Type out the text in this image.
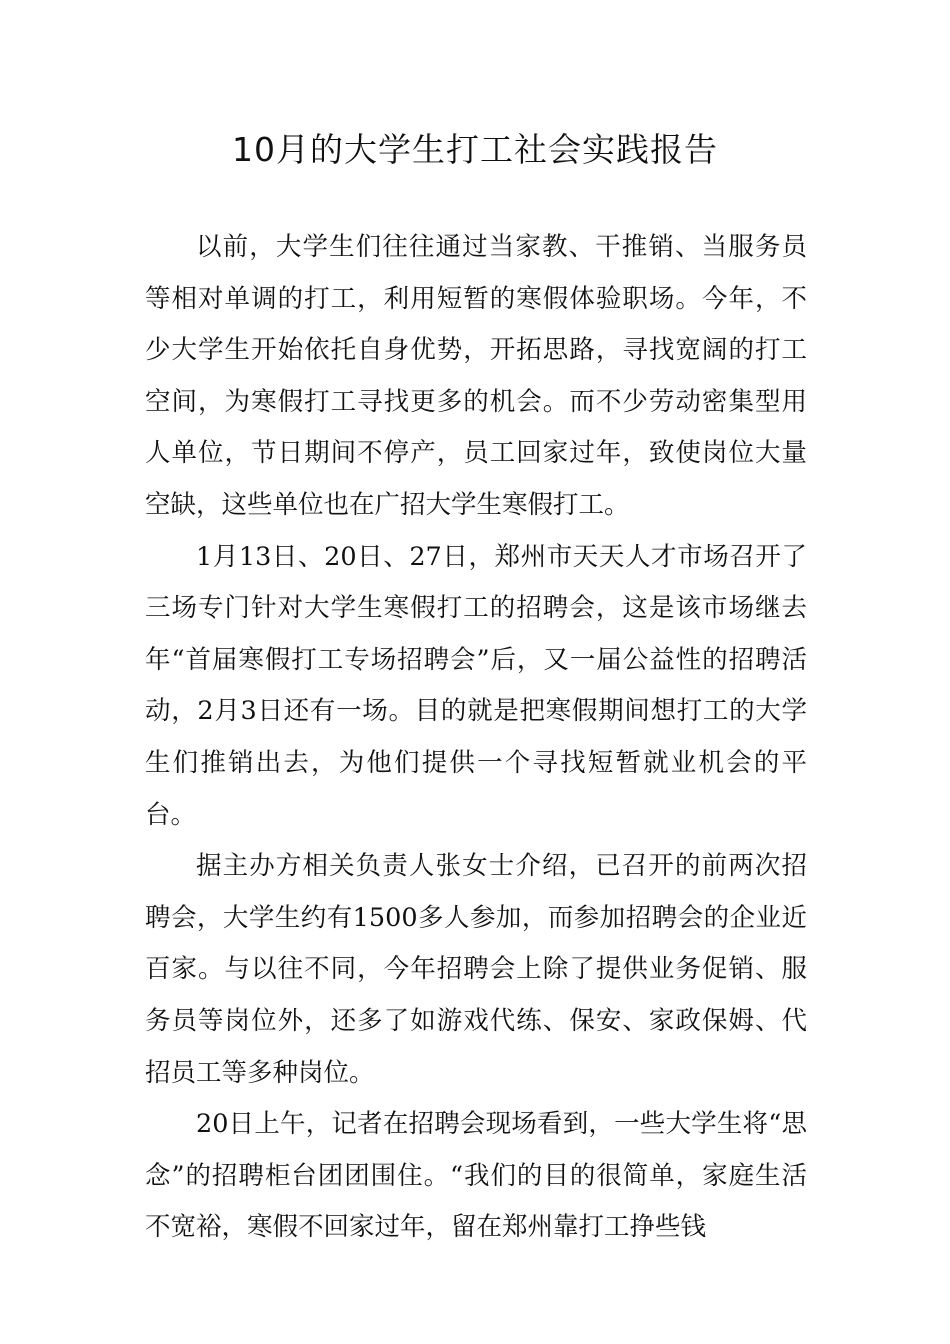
10月的大学生打工社会实践报告

以前，大学生们往往通过当家教、干推销、当服务员等相对单调的打工，利用短暂的寒假体验职场。今年，不少大学生开始依托自身优势，开拓思路，寻找宽阔的打工空间，为寒假打工寻找更多的机会。而不少劳动密集型用人单位，节日期间不停产，员工回家过年，致使岗位大量空缺，这些单位也在广招大学生寒假打工。

1月13日、20日、27日，郑州市天天人才市场召开了三场专门针对大学生寒假打工的招聘会，这是该市场继去年“首届寒假打工专场招聘会”后，又一届公益性的招聘活动，2月3日还有一场。目的就是把寒假期间想打工的大学生们推销出去，为他们提供一个寻找短暂就业机会的平台。

据主办方相关负责人张女士介绍，已召开的前两次招聘会，大学生约有1500多人参加，而参加招聘会的企业近百家。与以往不同，今年招聘会上除了提供业务促销、服务员等岗位外，还多了如游戏代练、保安、家政保姆、代招员工等多种岗位。

20日上午，记者在招聘会现场看到，一些大学生将“思念”的招聘柜台团团围住。“我们的目的很简单，家庭生活不宽裕，寒假不回家过年，留在郑州靠打工挣些钱
